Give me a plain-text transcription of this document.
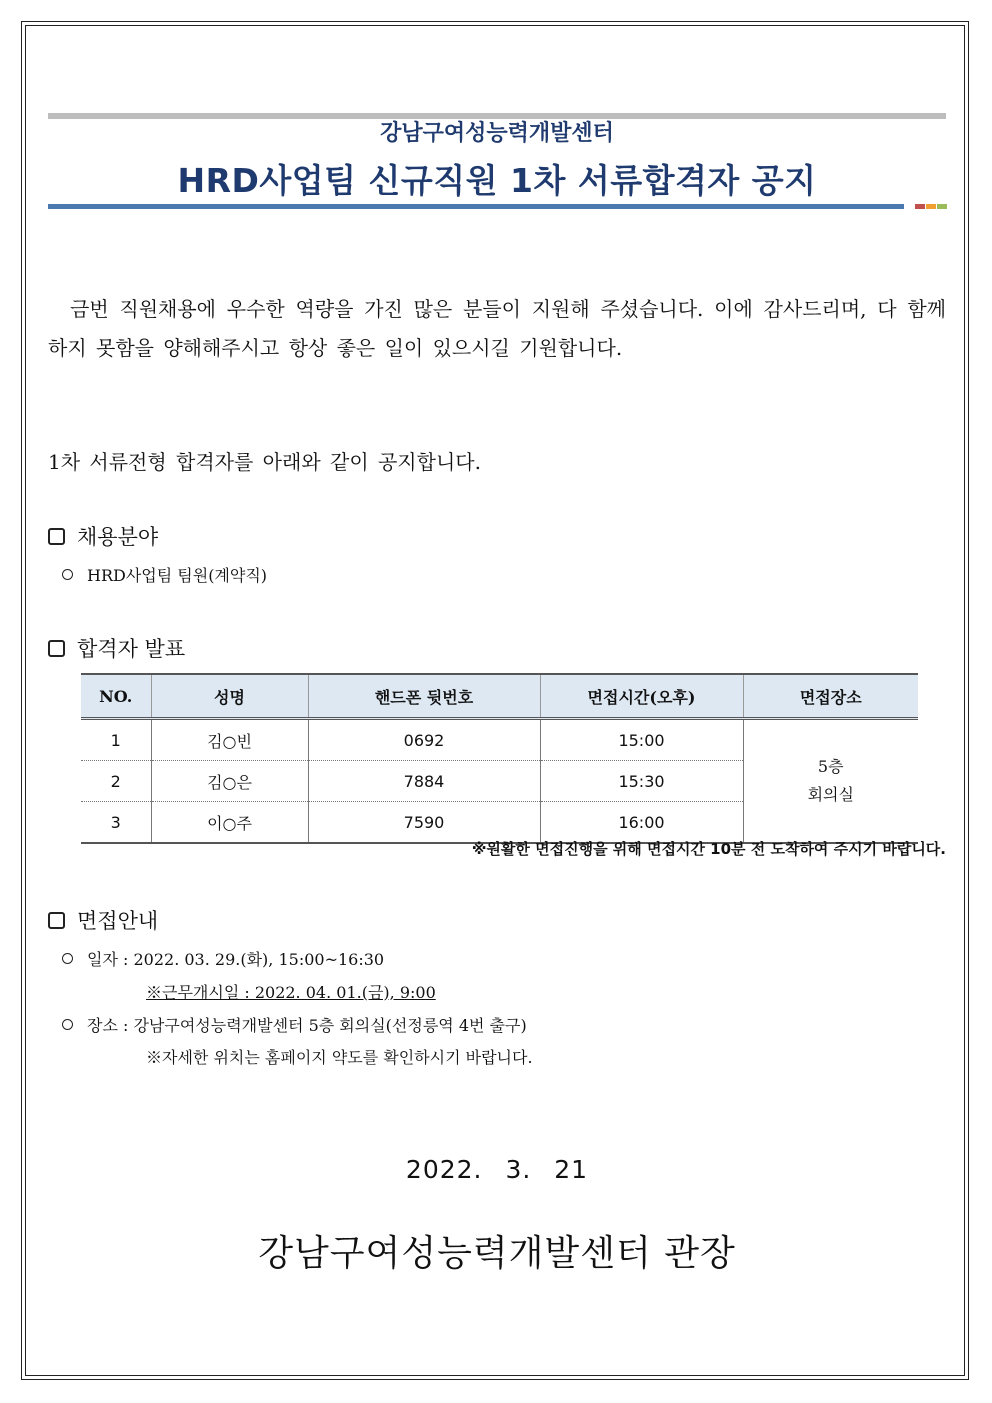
강남구여성능력개발센터
HRD사업팀 신규직원 1차 서류합격자 공지
금번 직원채용에 우수한 역량을 가진 많은 분들이 지원해 주셨습니다. 이에 감사드리며, 다 함께 하지 못함을 양해해주시고 항상 좋은 일이 있으시길 기원합니다.
1차 서류전형 합격자를 아래와 같이 공지합니다.
채용분야
HRD사업팀 팀원(계약직)
합격자 발표
NO.	성명	핸드폰 뒷번호	면접시간(오후)	면접장소
1	김○빈	0692	15:00	5층
회의실

2	김○은	7884	15:30	
3	이○주	7590	16:00	
※원활한 면접진행을 위해 면접시간 10분 전 도착하여 주시기 바랍니다.
면접안내
일자 : 2022. 03. 29.(화), 15:00~16:30
※근무개시일 : 2022. 04. 01.(금), 9:00
장소 : 강남구여성능력개발센터 5층 회의실(선정릉역 4번 출구)
※자세한 위치는 홈페이지 약도를 확인하시기 바랍니다.
2022. 3. 21
강남구여성능력개발센터 관장
